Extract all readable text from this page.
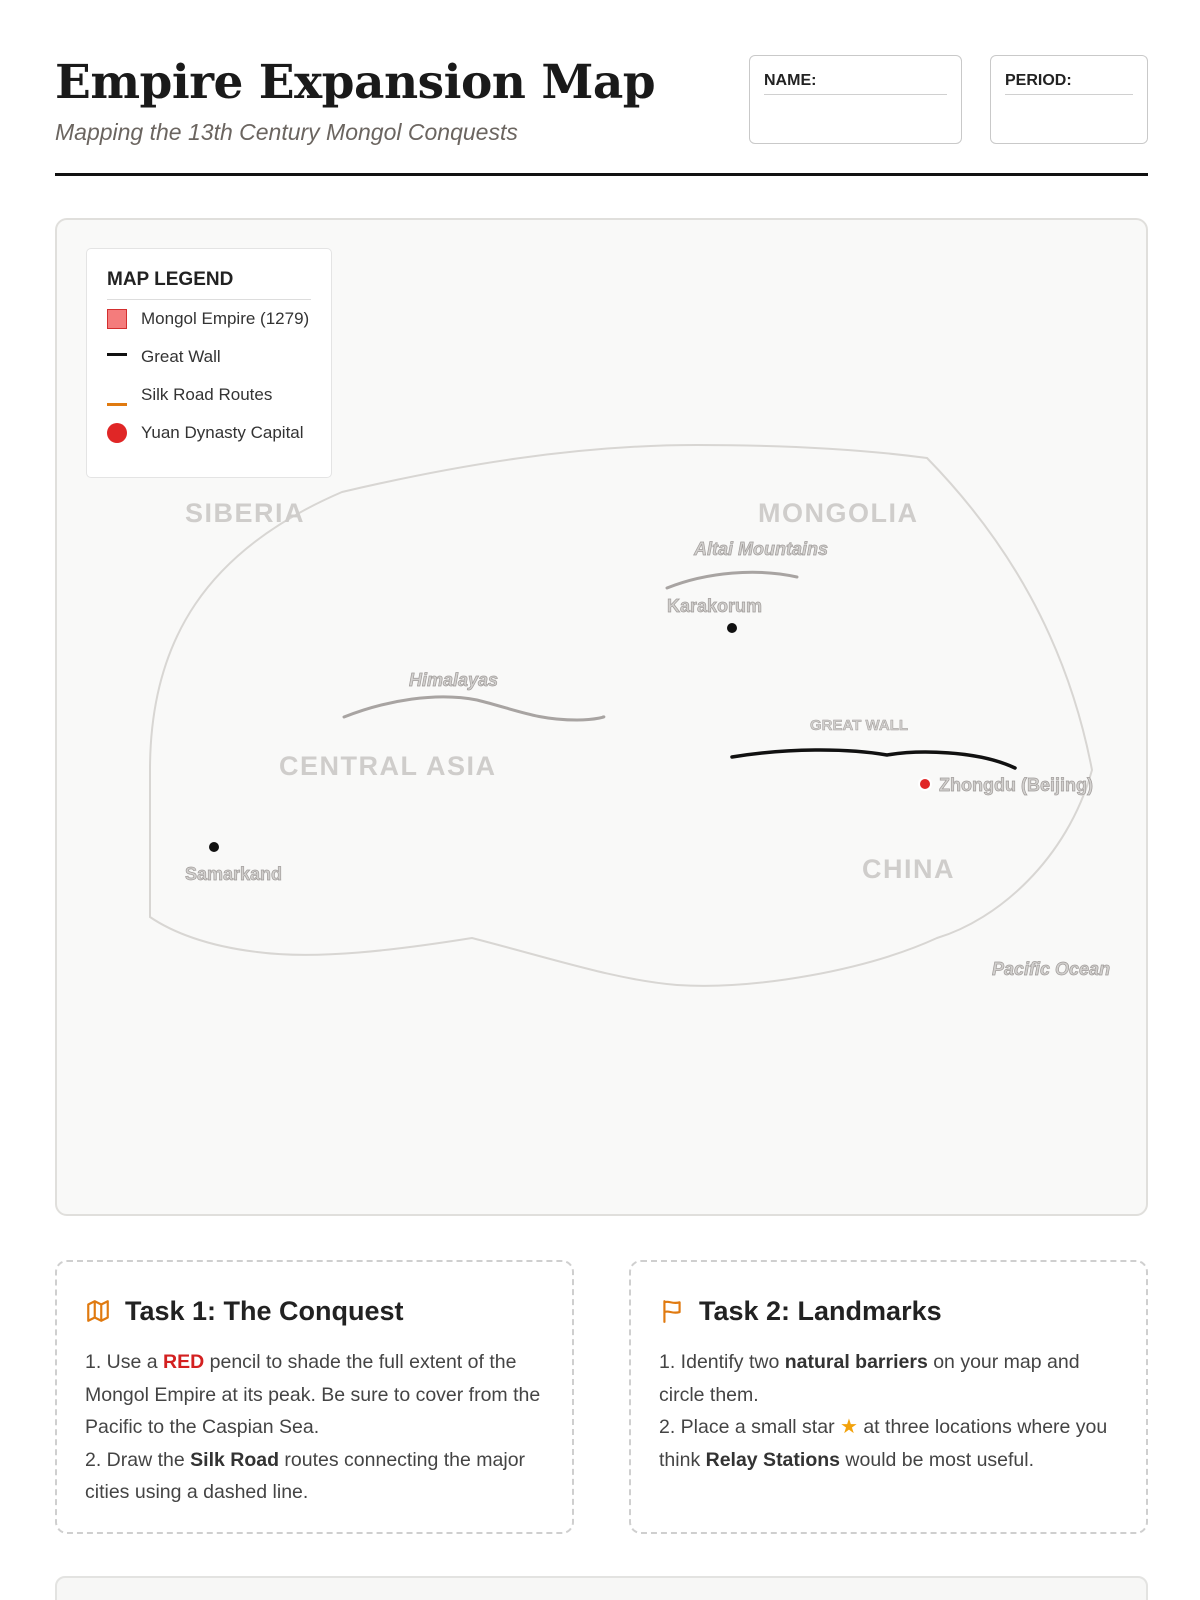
Empire Expansion Map
Mapping the 13th Century Mongol Conquests
NAME:	PERIOD:
SIBERIA	MONGOLIA
CENTRAL ASIA
CHINA
Altai Mountains
Himalayas
GREAT WALL
Pacific Ocean
Karakorum
Zhongdu (Beijing)
Samarkand
MAP LEGEND
Mongol Empire (1279)
Great Wall
Silk Road Routes
Yuan Dynasty Capital
Task 1: The Conquest
1. Use a RED pencil to shade the full extent of the Mongol Empire at its peak. Be sure to cover from the Pacific to the Caspian Sea.
2. Draw the Silk Road routes connecting the major cities using a dashed line.
Task 2: Landmarks
1. Identify two natural barriers on your map and circle them.
2. Place a small star ★ at three locations where you think Relay Stations would be most useful.
